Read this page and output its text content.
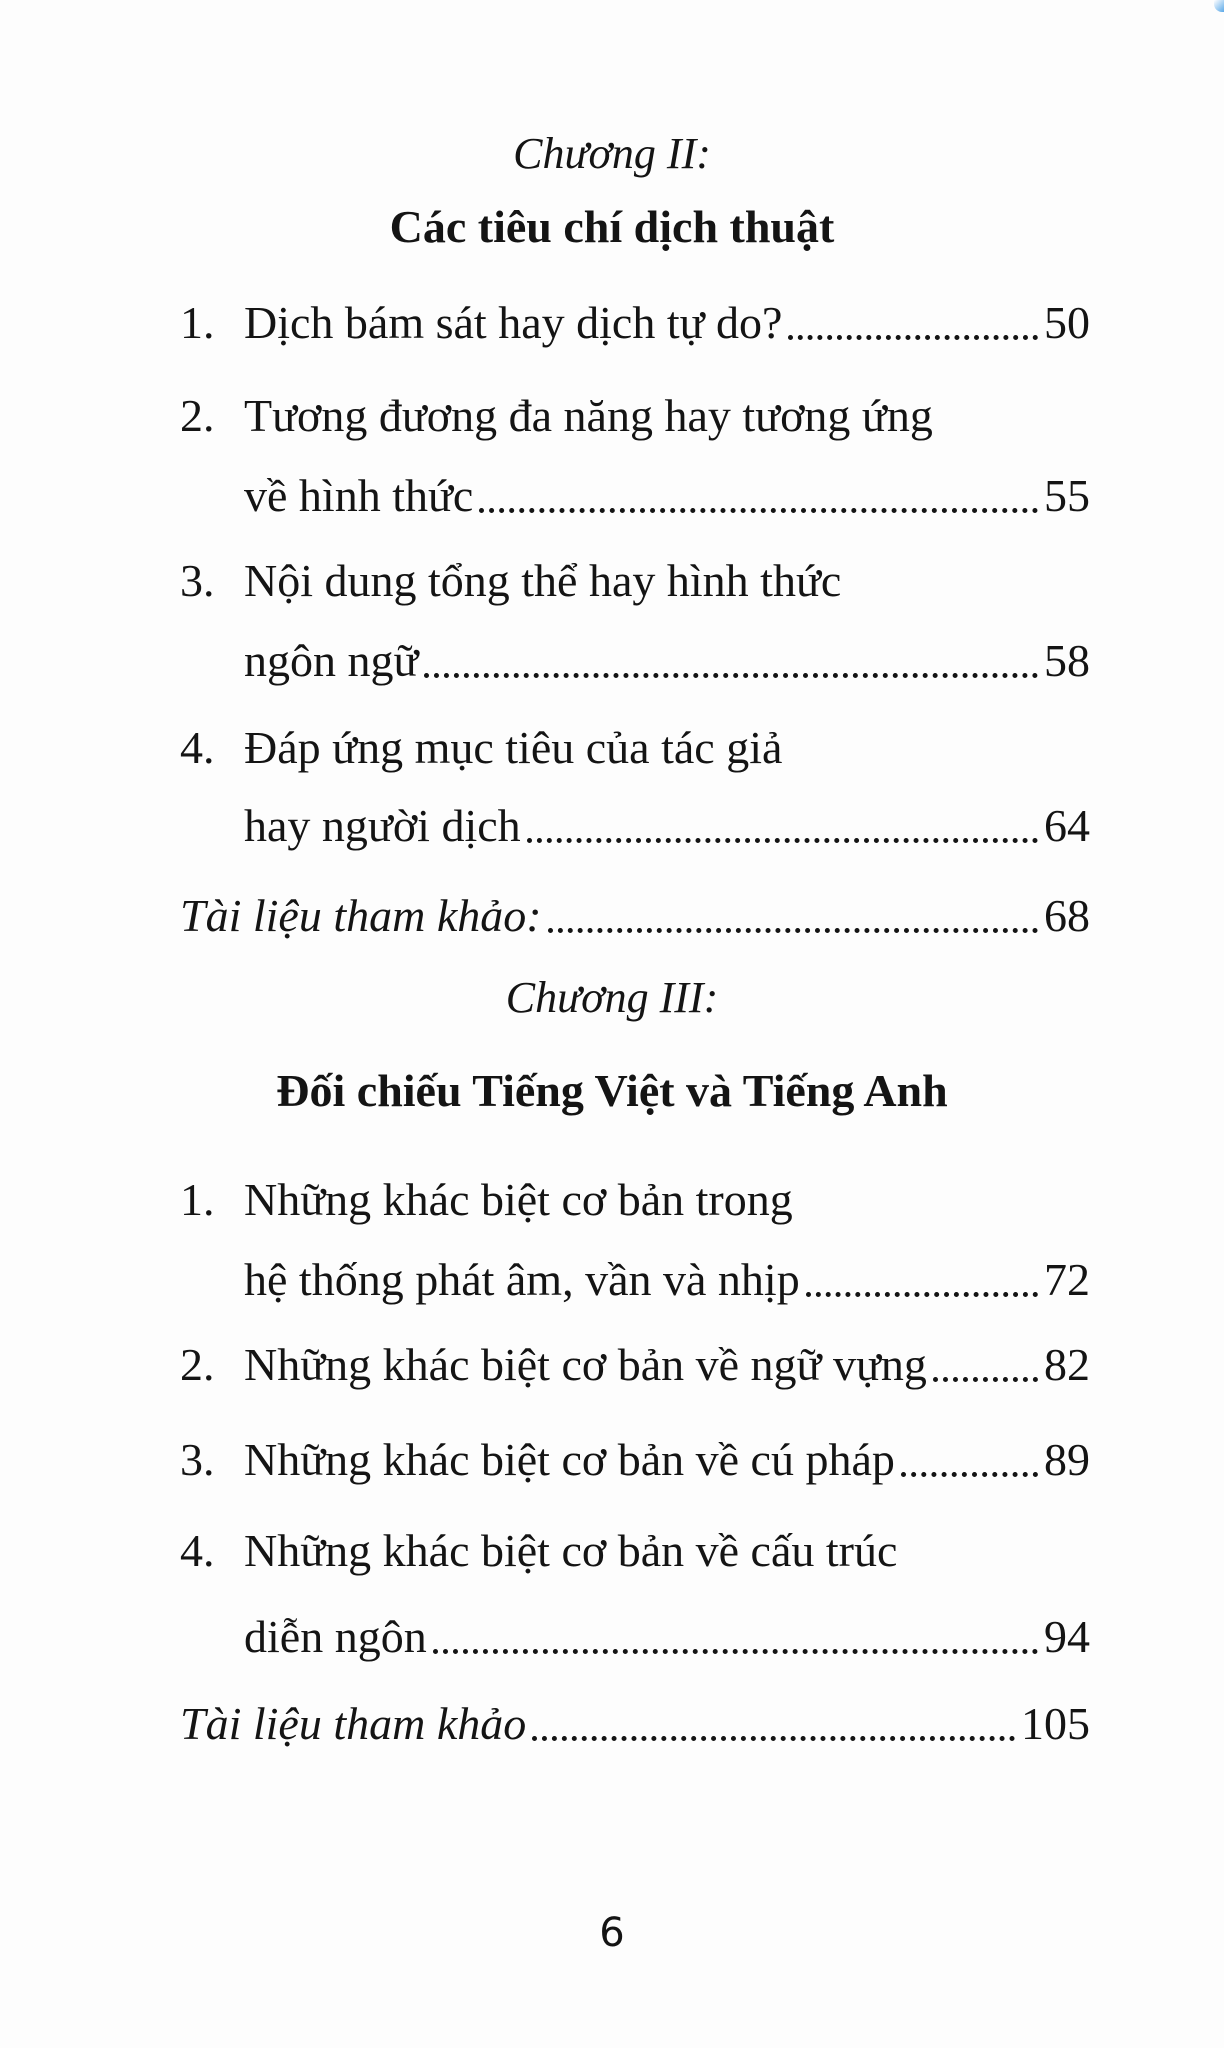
Chương II:
Các tiêu chí dịch thuật
1. Dịch bám sát hay dịch tự do?	50
2. Tương đương đa năng hay tương ứng
về hình thức	55
3. Nội dung tổng thể hay hình thức
ngôn ngữ	58
4. Đáp ứng mục tiêu của tác giả
hay người dịch	64
Tài liệu tham khảo:	68
Chương III:
Đối chiếu Tiếng Việt và Tiếng Anh
1. Những khác biệt cơ bản trong
hệ thống phát âm, vần và nhịp	72
2. Những khác biệt cơ bản về ngữ vựng	82
3. Những khác biệt cơ bản về cú pháp	89
4. Những khác biệt cơ bản về cấu trúc
diễn ngôn	94
Tài liệu tham khảo	105
6
